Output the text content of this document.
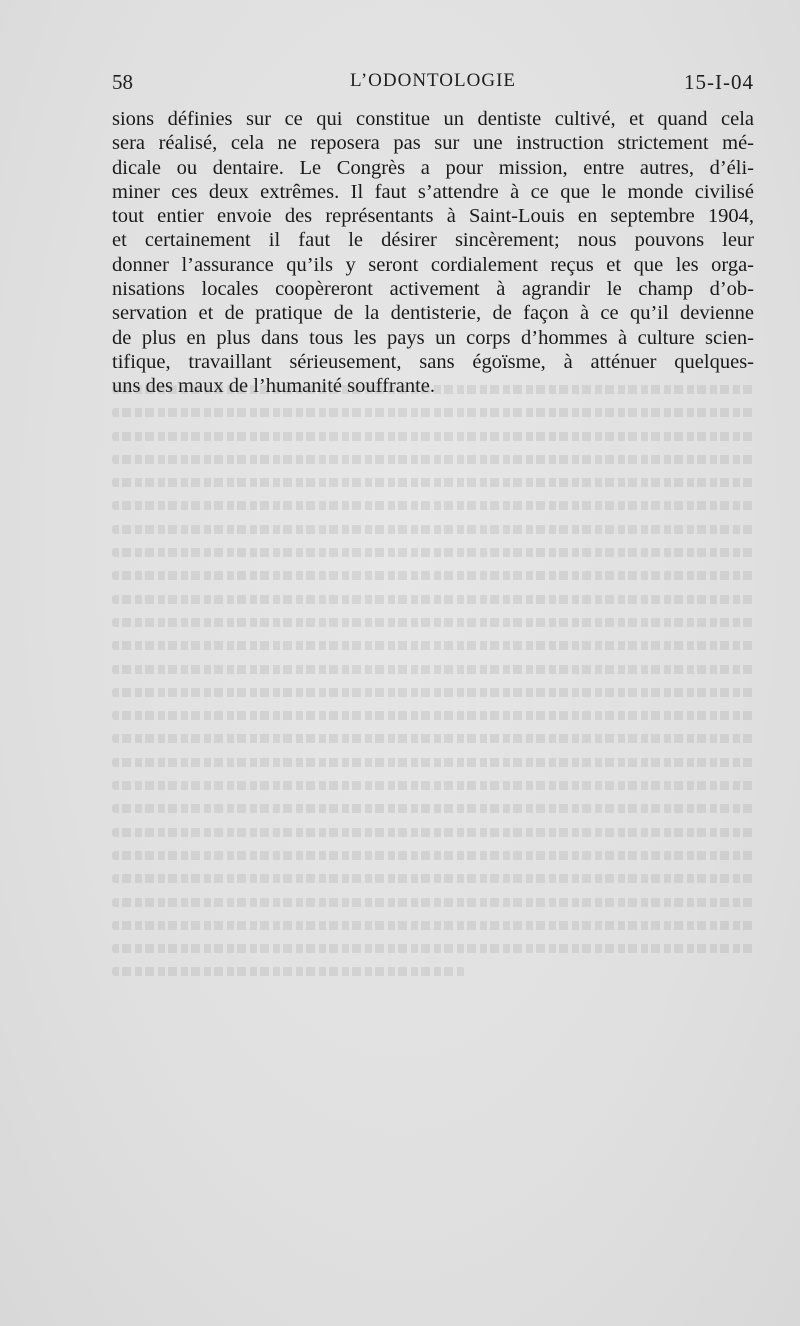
58	L’ODONTOLOGIE	15-I-04
sions définies sur ce qui constitue un dentiste cultivé, et quand cela
sera réalisé, cela ne reposera pas sur une instruction strictement mé-
dicale ou dentaire. Le Congrès a pour mission, entre autres, d’éli-
miner ces deux extrêmes. Il faut s’attendre à ce que le monde civilisé
tout entier envoie des représentants à Saint-Louis en septembre 1904,
et certainement il faut le désirer sincèrement; nous pouvons leur
donner l’assurance qu’ils y seront cordialement reçus et que les orga-
nisations locales coopèreront activement à agrandir le champ d’ob-
servation et de pratique de la dentisterie, de façon à ce qu’il devienne
de plus en plus dans tous les pays un corps d’hommes à culture scien-
tifique, travaillant sérieusement, sans égoïsme, à atténuer quelques-
uns des maux de l’humanité souffrante.
